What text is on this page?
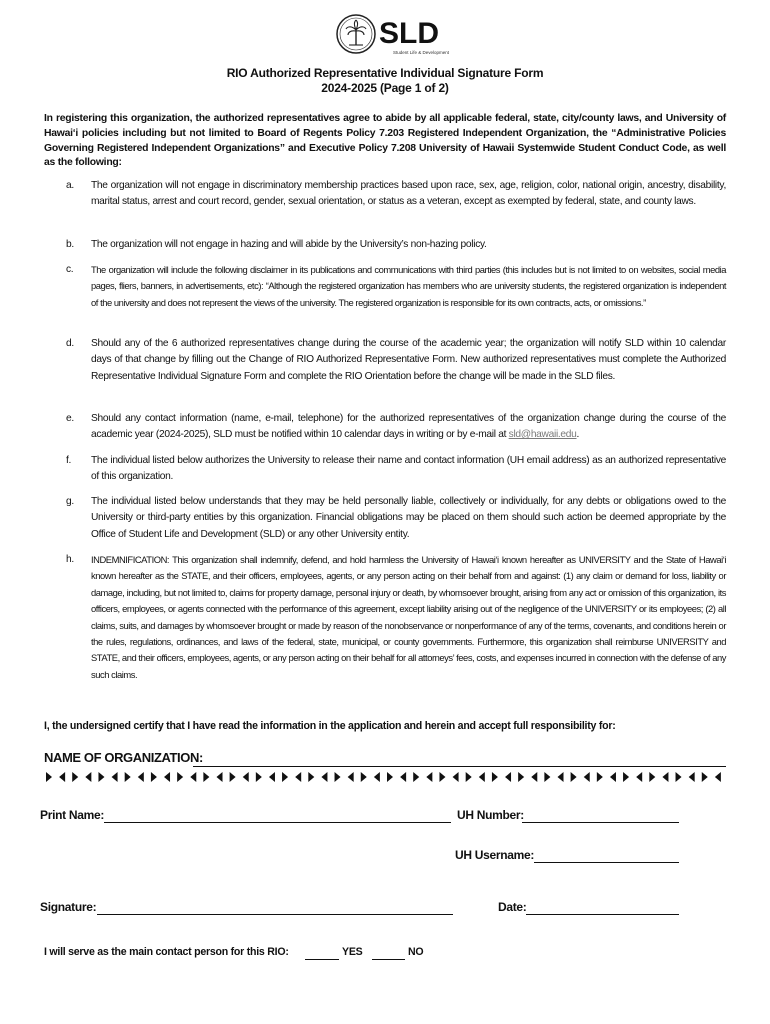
SLD
Student Life & Development
RIO Authorized Representative Individual Signature Form
2024-2025 (Page 1 of 2)
In registering this organization, the authorized representatives agree to abide by all applicable federal, state, city/county laws, and University of Hawai‘i policies including but not limited to Board of Regents Policy 7.203 Registered Independent Organization, the “Administrative Policies Governing Registered Independent Organizations” and Executive Policy 7.208 University of Hawaii Systemwide Student Conduct Code, as well as the following:
a. The organization will not engage in discriminatory membership practices based upon race, sex, age, religion, color, national origin, ancestry, disability, marital status, arrest and court record, gender, sexual orientation, or status as a veteran, except as exempted by federal, state, and county laws.
b. The organization will not engage in hazing and will abide by the University’s non-hazing policy.
c. The organization will include the following disclaimer in its publications and communications with third parties (this includes but is not limited to on websites, social media pages, fliers, banners, in advertisements, etc): “Although the registered organization has members who are university students, the registered organization is independent of the university and does not represent the views of the university. The registered organization is responsible for its own contracts, acts, or omissions.”
d. Should any of the 6 authorized representatives change during the course of the academic year; the organization will notify SLD within 10 calendar days of that change by filling out the Change of RIO Authorized Representative Form. New authorized representatives must complete the Authorized Representative Individual Signature Form and complete the RIO Orientation before the change will be made in the SLD files.
e. Should any contact information (name, e-mail, telephone) for the authorized representatives of the organization change during the course of the academic year (2024-2025), SLD must be notified within 10 calendar days in writing or by e-mail at sld@hawaii.edu.
f. The individual listed below authorizes the University to release their name and contact information (UH email address) as an authorized representative of this organization.
g. The individual listed below understands that they may be held personally liable, collectively or individually, for any debts or obligations owed to the University or third-party entities by this organization. Financial obligations may be placed on them should such action be deemed appropriate by the Office of Student Life and Development (SLD) or any other University entity.
h. INDEMNIFICATION: This organization shall indemnify, defend, and hold harmless the University of Hawai‘i known hereafter as UNIVERSITY and the State of Hawai‘i known hereafter as the STATE, and their officers, employees, agents, or any person acting on their behalf from and against: (1) any claim or demand for loss, liability or damage, including, but not limited to, claims for property damage, personal injury or death, by whomsoever brought, arising from any act or omission of this organization, its officers, employees, or agents connected with the performance of this agreement, except liability arising out of the negligence of the UNIVERSITY or its employees; (2) all claims, suits, and damages by whomsoever brought or made by reason of the nonobservance or nonperformance of any of the terms, covenants, and conditions herein or the rules, regulations, ordinances, and laws of the federal, state, municipal, or county governments. Furthermore, this organization shall reimburse UNIVERSITY and STATE, and their officers, employees, agents, or any person acting on their behalf for all attorneys’ fees, costs, and expenses incurred in connection with the defense of any such claims.
I, the undersigned certify that I have read the information in the application and herein and accept full responsibility for:
NAME OF ORGANIZATION:
Print Name:	UH Number:
UH Username:
Signature:	Date:
I will serve as the main contact person for this RIO:	YES	NO
